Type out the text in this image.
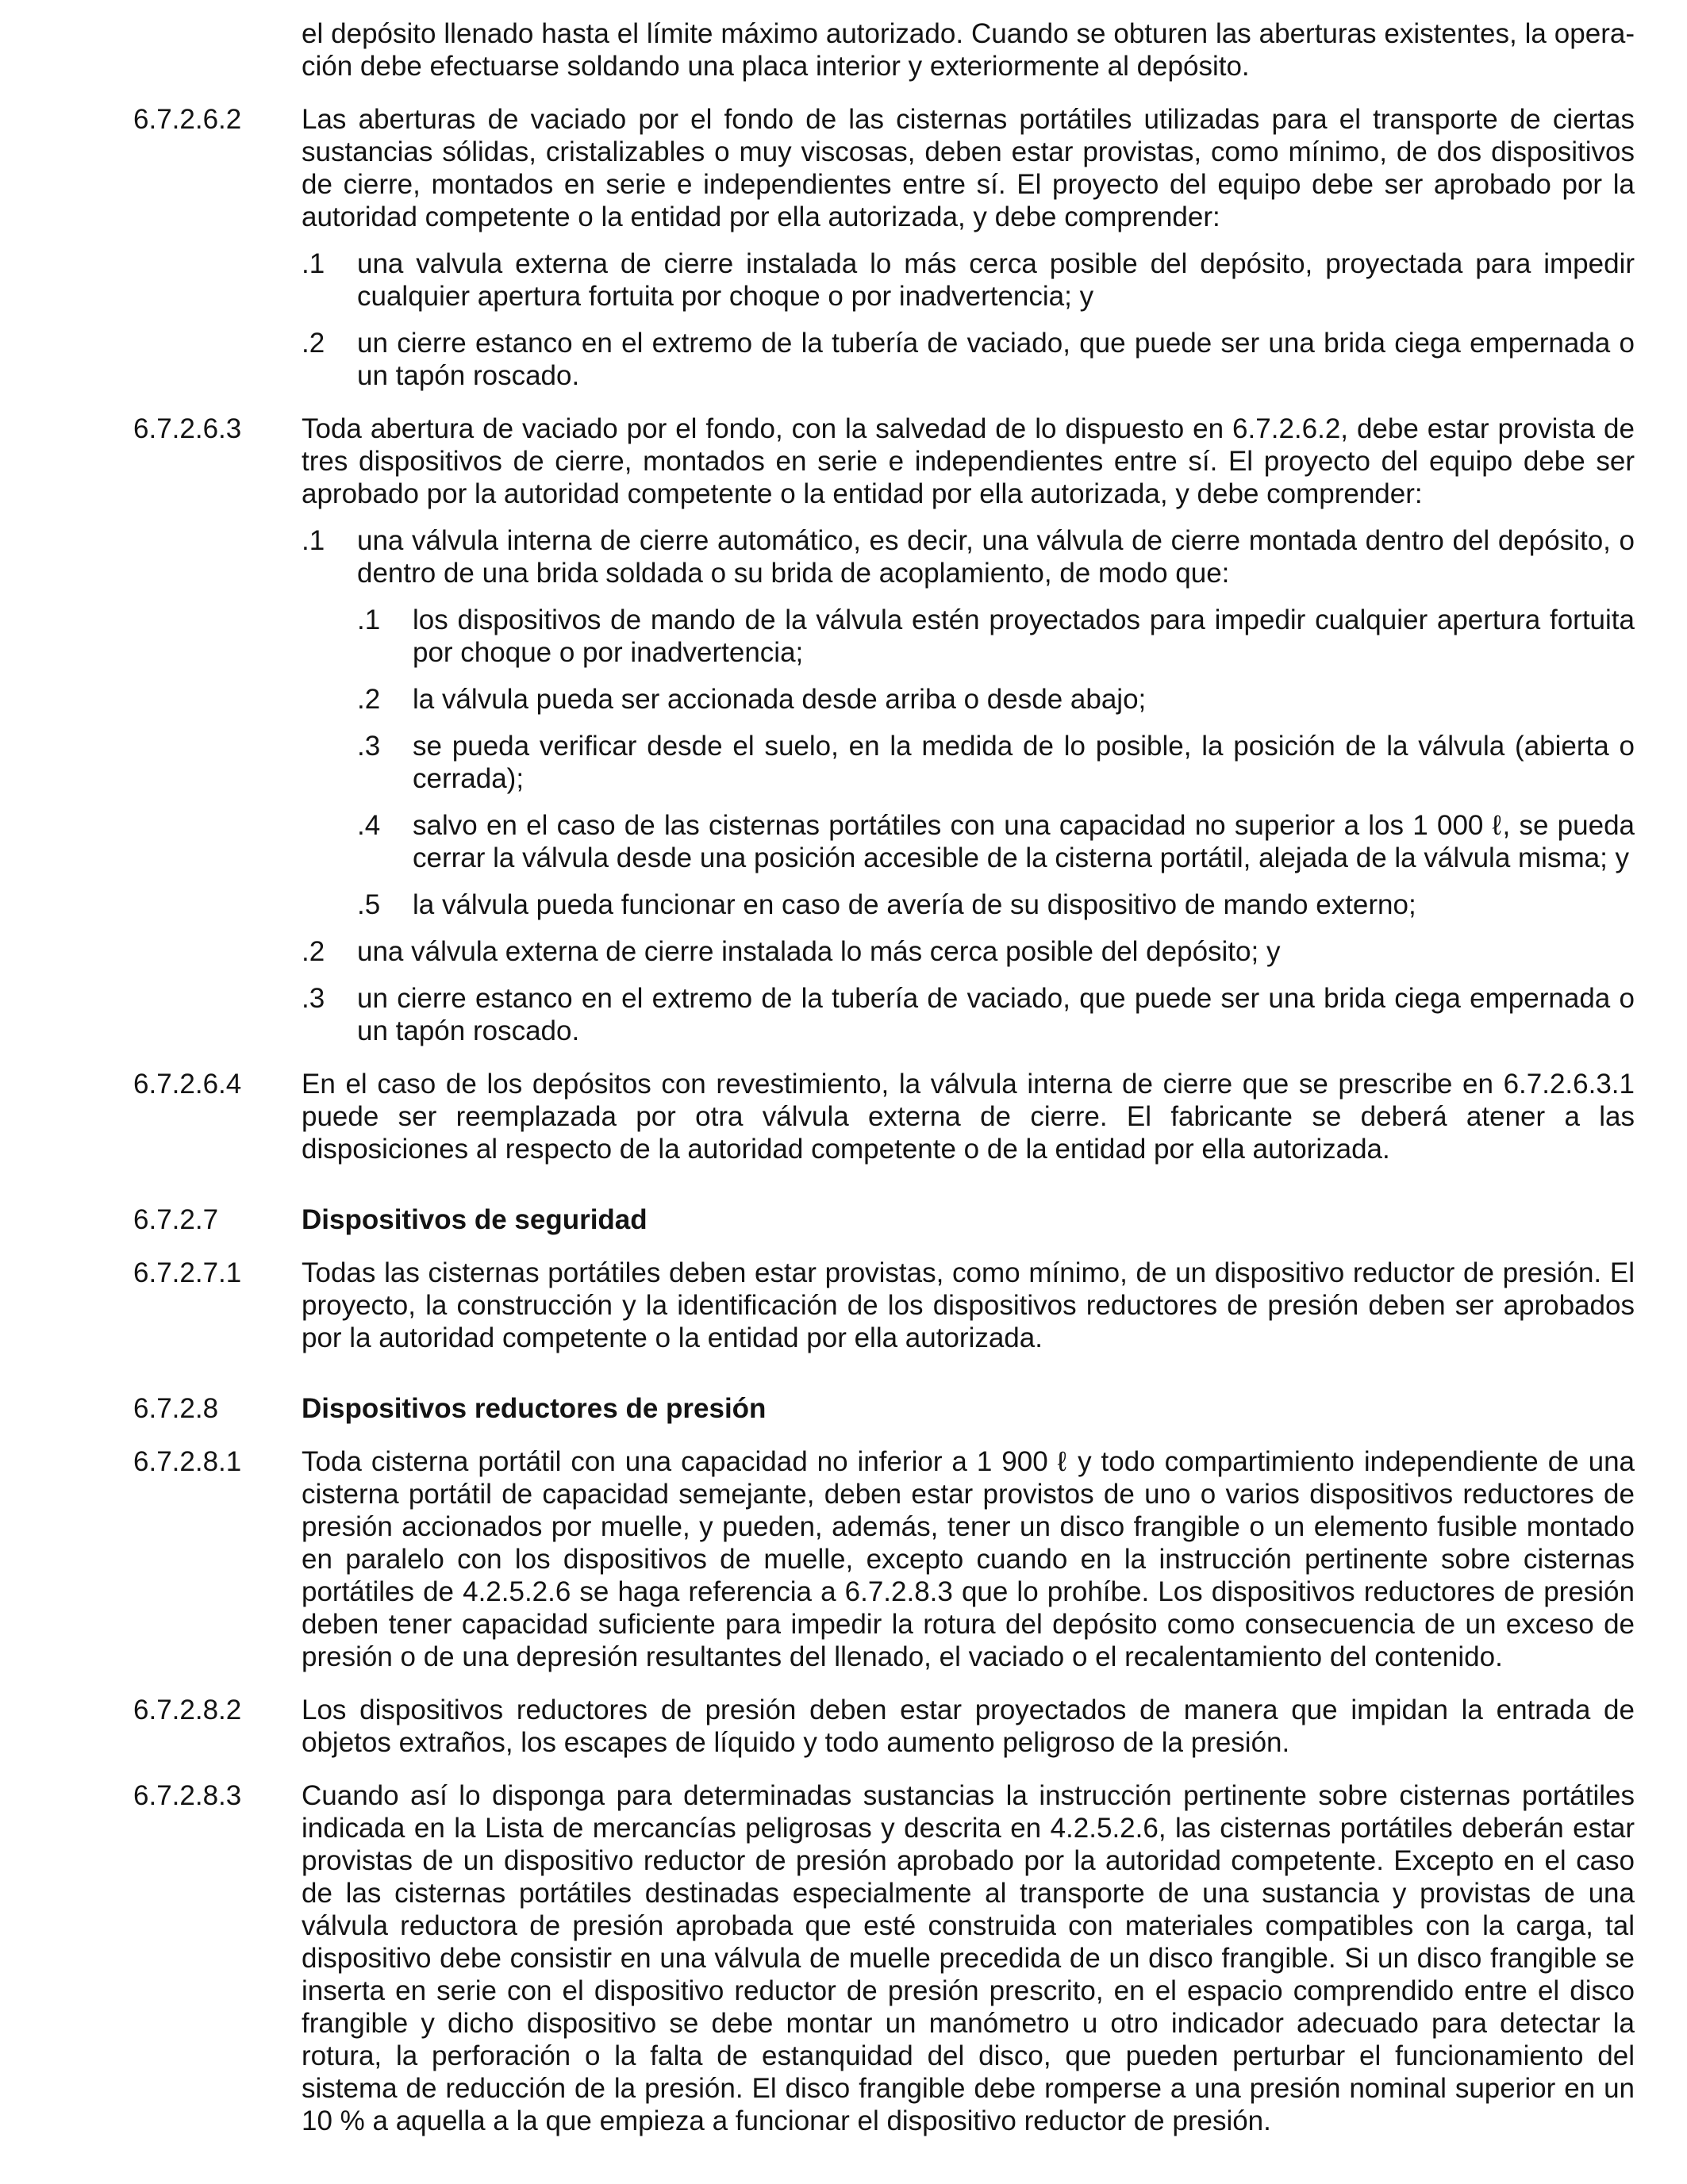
el depósito llenado hasta el límite máximo autorizado. Cuando se obturen las aberturas existentes, la operación debe efectuarse soldando una placa interior y exteriormente al depósito.
6.7.2.6.2	Las aberturas de vaciado por el fondo de las cisternas portátiles utilizadas para el transporte de ciertas sustancias sólidas, cristalizables o muy viscosas, deben estar provistas, como mínimo, de dos dispositivos de cierre, montados en serie e independientes entre sí. El proyecto del equipo debe ser aprobado por la autoridad competente o la entidad por ella autorizada, y debe comprender:
.1 una valvula externa de cierre instalada lo más cerca posible del depósito, proyectada para impedir cualquier apertura fortuita por choque o por inadvertencia; y
.2 un cierre estanco en el extremo de la tubería de vaciado, que puede ser una brida ciega empernada o un tapón roscado.
6.7.2.6.3	Toda abertura de vaciado por el fondo, con la salvedad de lo dispuesto en 6.7.2.6.2, debe estar provista de tres dispositivos de cierre, montados en serie e independientes entre sí. El proyecto del equipo debe ser aprobado por la autoridad competente o la entidad por ella autorizada, y debe comprender:
.1 una válvula interna de cierre automático, es decir, una válvula de cierre montada dentro del depósito, o dentro de una brida soldada o su brida de acoplamiento, de modo que:
.1 los dispositivos de mando de la válvula estén proyectados para impedir cualquier apertura fortuita por choque o por inadvertencia;
.2 la válvula pueda ser accionada desde arriba o desde abajo;
.3 se pueda verificar desde el suelo, en la medida de lo posible, la posición de la válvula (abierta o cerrada);
.4 salvo en el caso de las cisternas portátiles con una capacidad no superior a los 1 000 ℓ, se pueda cerrar la válvula desde una posición accesible de la cisterna portátil, alejada de la válvula misma; y
.5 la válvula pueda funcionar en caso de avería de su dispositivo de mando externo;
.2 una válvula externa de cierre instalada lo más cerca posible del depósito; y
.3 un cierre estanco en el extremo de la tubería de vaciado, que puede ser una brida ciega empernada o un tapón roscado.
6.7.2.6.4	En el caso de los depósitos con revestimiento, la válvula interna de cierre que se prescribe en 6.7.2.6.3.1 puede ser reemplazada por otra válvula externa de cierre. El fabricante se deberá atener a las disposiciones al respecto de la autoridad competente o de la entidad por ella autorizada.
6.7.2.7	Dispositivos de seguridad
6.7.2.7.1	Todas las cisternas portátiles deben estar provistas, como mínimo, de un dispositivo reductor de presión. El proyecto, la construcción y la identificación de los dispositivos reductores de presión deben ser aprobados por la autoridad competente o la entidad por ella autorizada.
6.7.2.8	Dispositivos reductores de presión
6.7.2.8.1	Toda cisterna portátil con una capacidad no inferior a 1 900 ℓ y todo compartimiento independiente de una cisterna portátil de capacidad semejante, deben estar provistos de uno o varios dispositivos reductores de presión accionados por muelle, y pueden, además, tener un disco frangible o un elemento fusible montado en paralelo con los dispositivos de muelle, excepto cuando en la instrucción pertinente sobre cisternas portátiles de 4.2.5.2.6 se haga referencia a 6.7.2.8.3 que lo prohíbe. Los dispositivos reductores de presión deben tener capacidad suficiente para impedir la rotura del depósito como consecuencia de un exceso de presión o de una depresión resultantes del llenado, el vaciado o el recalentamiento del contenido.
6.7.2.8.2	Los dispositivos reductores de presión deben estar proyectados de manera que impidan la entrada de objetos extraños, los escapes de líquido y todo aumento peligroso de la presión.
6.7.2.8.3	Cuando así lo disponga para determinadas sustancias la instrucción pertinente sobre cisternas portátiles indicada en la Lista de mercancías peligrosas y descrita en 4.2.5.2.6, las cisternas portátiles deberán estar provistas de un dispositivo reductor de presión aprobado por la autoridad competente. Excepto en el caso de las cisternas portátiles destinadas especialmente al transporte de una sustancia y provistas de una válvula reductora de presión aprobada que esté construida con materiales compatibles con la carga, tal dispositivo debe consistir en una válvula de muelle precedida de un disco frangible. Si un disco frangible se inserta en serie con el dispositivo reductor de presión prescrito, en el espacio comprendido entre el disco frangible y dicho dispositivo se debe montar un manómetro u otro indicador adecuado para detectar la rotura, la perforación o la falta de estanquidad del disco, que pueden perturbar el funcionamiento del sistema de reducción de la presión. El disco frangible debe romperse a una presión nominal superior en un 10 % a aquella a la que empieza a funcionar el dispositivo reductor de presión.
